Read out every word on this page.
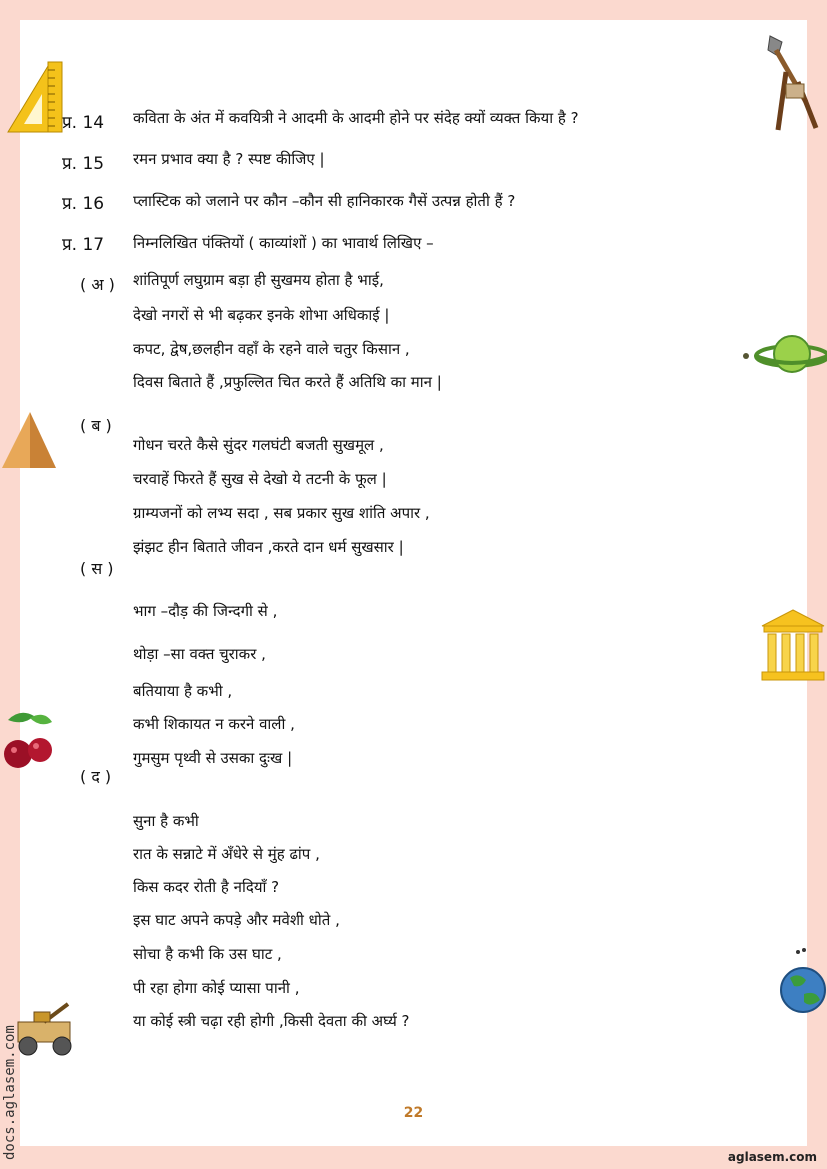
प्र. 14 कविता के अंत में कवयित्री ने आदमी के आदमी होने पर संदेह क्यों व्यक्त किया है ?
प्र. 15 रमन प्रभाव क्या है ? स्पष्ट कीजिए |
प्र. 16 प्लास्टिक को जलाने पर कौन –कौन सी हानिकारक गैसें उत्पन्न होती हैं ?
प्र. 17 निम्नलिखित पंक्तियों ( काव्यांशों ) का भावार्थ लिखिए –
( अ ) शांतिपूर्ण लघुग्राम बड़ा ही सुखमय होता है भाई,
देखो नगरों से भी बढ़कर इनके शोभा अधिकाई |
कपट, द्वेष,छलहीन वहाँ के रहने वाले चतुर किसान ,
दिवस बिताते हैं ,प्रफुल्लित चित करते हैं अतिथि का मान |
( ब )
गोधन चरते कैसे सुंदर गलघंटी बजती सुखमूल ,
चरवाहें फिरते हैं सुख से देखो ये तटनी के फूल |
ग्राम्यजनों को लभ्य सदा , सब प्रकार सुख शांति अपार ,
झंझट हीन बिताते जीवन ,करते दान धर्म सुखसार |
( स )
भाग –दौड़ की जिन्दगी से ,
थोड़ा –सा वक्त चुराकर ,
बतियाया है कभी ,
कभी शिकायत न करने वाली ,
गुमसुम पृथ्वी से उसका दुःख |
( द )
सुना है कभी
रात के सन्नाटे में अँधेरे से मुंह ढांप ,
किस कदर रोती है नदियाँ ?
इस घाट अपने कपड़े और मवेशी धोते ,
सोचा है कभी कि उस घाट ,
पी रहा होगा कोई प्यासा पानी ,
या कोई स्त्री चढ़ा रही होगी ,किसी देवता की अर्घ्य ?
22
aglasem.com
docs.aglasem.com
